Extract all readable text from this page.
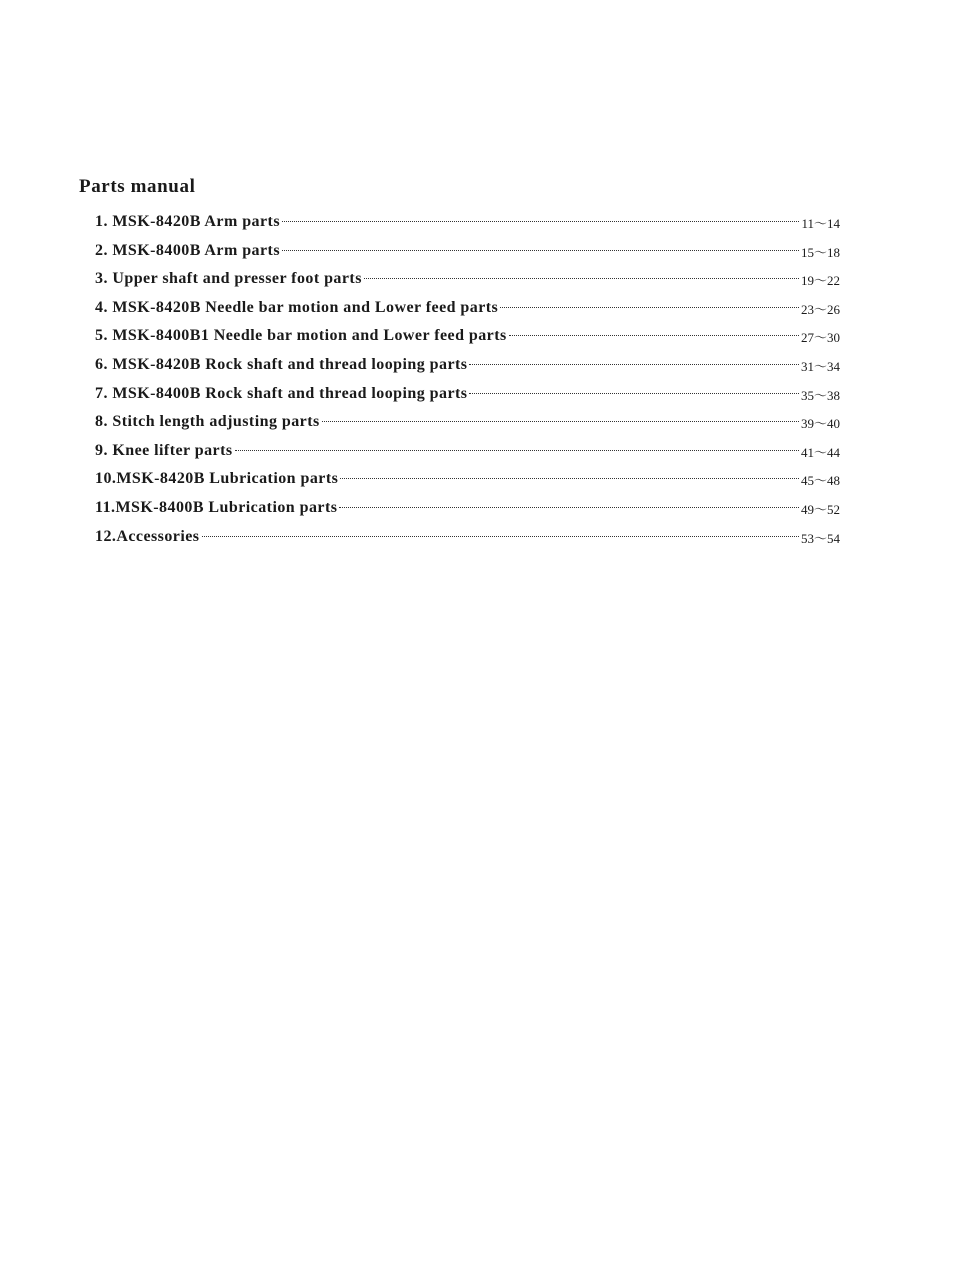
Parts manual
1. MSK-8420B Arm parts	11～14
2. MSK-8400B Arm parts	15～18
3. Upper shaft and presser foot parts	19～22
4. MSK-8420B Needle bar motion and Lower feed parts	23～26
5. MSK-8400B1 Needle bar motion and Lower feed parts	27～30
6. MSK-8420B Rock shaft and thread looping parts	31～34
7. MSK-8400B Rock shaft and thread looping parts	35～38
8. Stitch length adjusting parts	39～40
9. Knee lifter parts	41～44
10.MSK-8420B Lubrication parts	45～48
11.MSK-8400B Lubrication parts	49～52
12.Accessories	53～54
